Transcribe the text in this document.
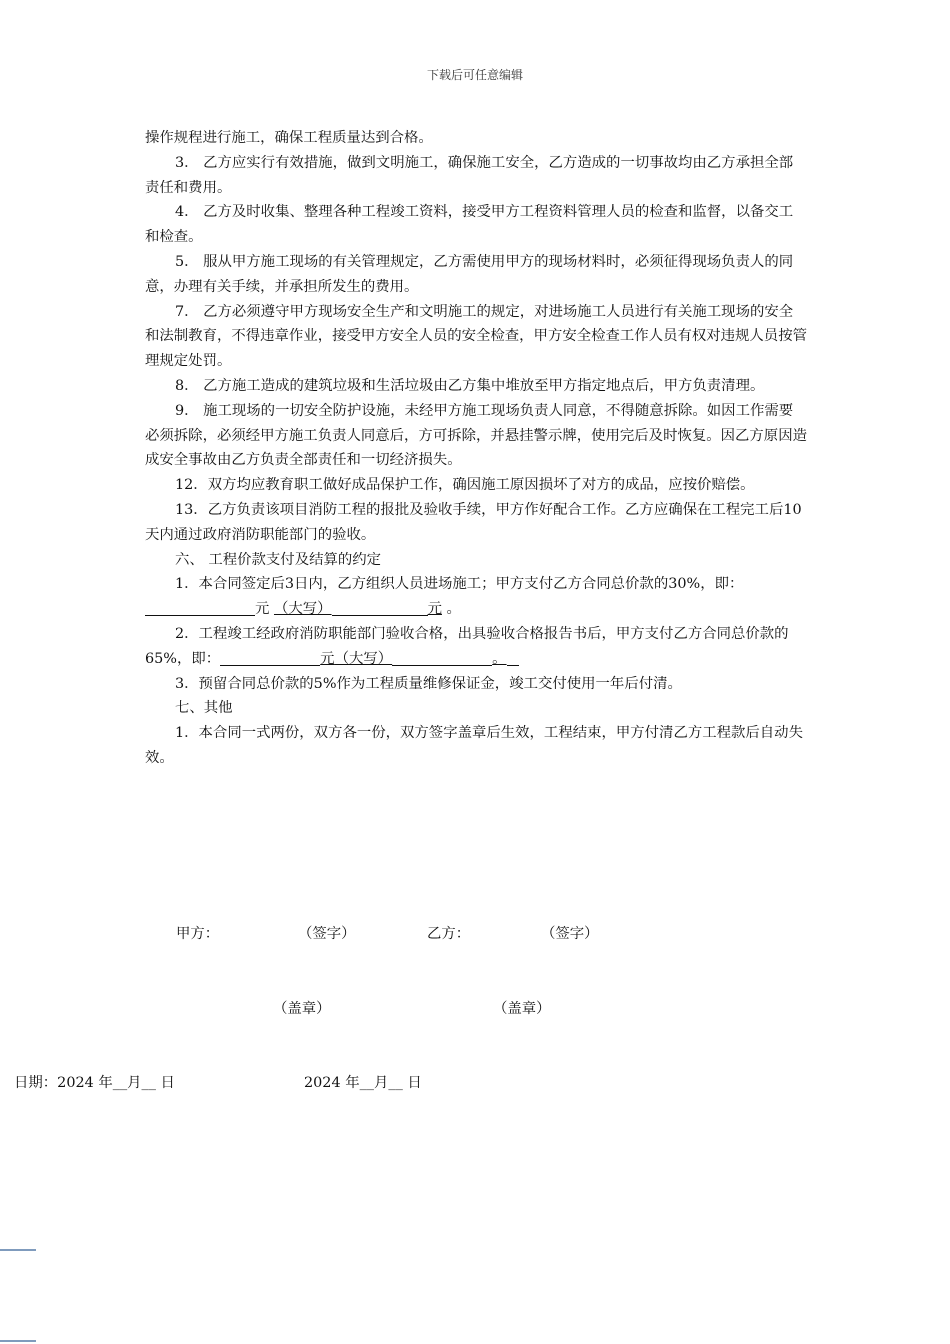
下载后可任意编辑

操作规程进行施工，确保工程质量达到合格。

3． 乙方应实行有效措施，做到文明施工，确保施工安全，乙方造成的一切事故均由乙方承担全部责任和费用。

4． 乙方及时收集、整理各种工程竣工资料，接受甲方工程资料管理人员的检查和监督，以备交工和检查。

5． 服从甲方施工现场的有关管理规定，乙方需使用甲方的现场材料时，必须征得现场负责人的同意，办理有关手续，并承担所发生的费用。

7． 乙方必须遵守甲方现场安全生产和文明施工的规定，对进场施工人员进行有关施工现场的安全和法制教育，不得违章作业，接受甲方安全人员的安全检查，甲方安全检查工作人员有权对违规人员按管理规定处罚。

8． 乙方施工造成的建筑垃圾和生活垃圾由乙方集中堆放至甲方指定地点后，甲方负责清理。

9． 施工现场的一切安全防护设施，未经甲方施工现场负责人同意，不得随意拆除。如因工作需要必须拆除，必须经甲方施工负责人同意后，方可拆除，并悬挂警示牌，使用完后及时恢复。因乙方原因造成安全事故由乙方负责全部责任和一切经济损失。

12．双方均应教育职工做好成品保护工作，确因施工原因损坏了对方的成品，应按价赔偿。

13．乙方负责该项目消防工程的报批及验收手续，甲方作好配合工作。乙方应确保在工程完工后10天内通过政府消防职能部门的验收。

六、 工程价款支付及结算的约定

1．本合同签定后3日内，乙方组织人员进场施工；甲方支付乙方合同总价款的30%，即：
元 （大写）	元 。

2．工程竣工经政府消防职能部门验收合格，出具验收合格报告书后，甲方支付乙方合同总价款的65%，即：	元（大写）	。

3．预留合同总价款的5%作为工程质量维修保证金，竣工交付使用一年后付清。

七、其他

1．本合同一式两份，双方各一份，双方签字盖章后生效，工程结束，甲方付清乙方工程款后自动失效。

甲方：	（签字）	乙方：	（签字）
（盖章）	（盖章）
日期：2024 年__月__ 日	2024 年__月__ 日
